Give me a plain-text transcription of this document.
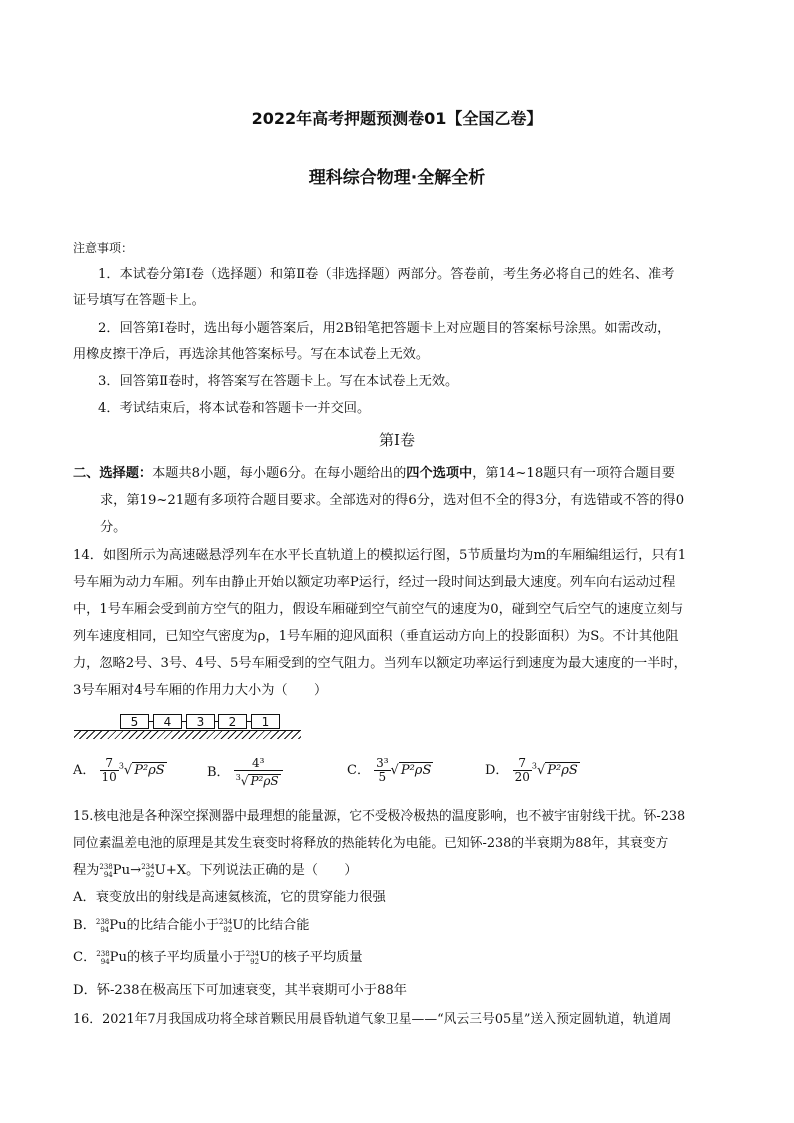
2022年高考押题预测卷01【全国乙卷】
理科综合物理·全解全析
注意事项：
1．本试卷分第Ⅰ卷（选择题）和第Ⅱ卷（非选择题）两部分。答卷前，考生务必将自己的姓名、准考
证号填写在答题卡上。
2．回答第Ⅰ卷时，选出每小题答案后，用2B铅笔把答题卡上对应题目的答案标号涂黑。如需改动，
用橡皮擦干净后，再选涂其他答案标号。写在本试卷上无效。
3．回答第Ⅱ卷时，将答案写在答题卡上。写在本试卷上无效。
4．考试结束后，将本试卷和答题卡一并交回。
第Ⅰ卷
二、选择题：本题共8小题，每小题6分。在每小题给出的四个选项中，第14~18题只有一项符合题目要
求，第19~21题有多项符合题目要求。全部选对的得6分，选对但不全的得3分，有选错或不答的得0
分。
14．如图所示为高速磁悬浮列车在水平长直轨道上的模拟运行图，5节质量均为m的车厢编组运行，只有1
号车厢为动力车厢。列车由静止开始以额定功率P运行，经过一段时间达到最大速度。列车向右运动过程
中，1号车厢会受到前方空气的阻力，假设车厢碰到空气前空气的速度为0，碰到空气后空气的速度立刻与
列车速度相同，已知空气密度为ρ，1号车厢的迎风面积（垂直运动方向上的投影面积）为S。不计其他阻
力，忽略2号、3号、4号、5号车厢受到的空气阻力。当列车以额定功率运行到速度为最大速度的一半时，
3号车厢对4号车厢的作用力大小为（　　）
5	4	3	2	1
A． $\frac{7}{10} ^3√$ P²ρS	B． $\frac{\text{4³}}{^3√ P^2\rho S}$	C． $\frac{\text{3³}}{5}$ √ P²ρS	D． $\frac{7}{20} ^3√$ P²ρS
15.核电池是各种深空探测器中最理想的能量源，它不受极冷极热的温度影响，也不被宇宙射线干扰。钚-238
同位素温差电池的原理是其发生衰变时将释放的热能转化为电能。已知钚-238的半衰期为88年，其衰变方
程为 238
94 Pu→ 234
92 U+X。下列说法正确的是（　　）
A．衰变放出的射线是高速氦核流，它的贯穿能力很强
B． 238
94 Pu的比结合能小于 234
92 U的比结合能
C． 238
94 Pu的核子平均质量小于 234
92 U的核子平均质量
D．钚-238在极高压下可加速衰变，其半衰期可小于88年
16．2021年7月我国成功将全球首颗民用晨昏轨道气象卫星——“风云三号05星”送入预定圆轨道，轨道周
